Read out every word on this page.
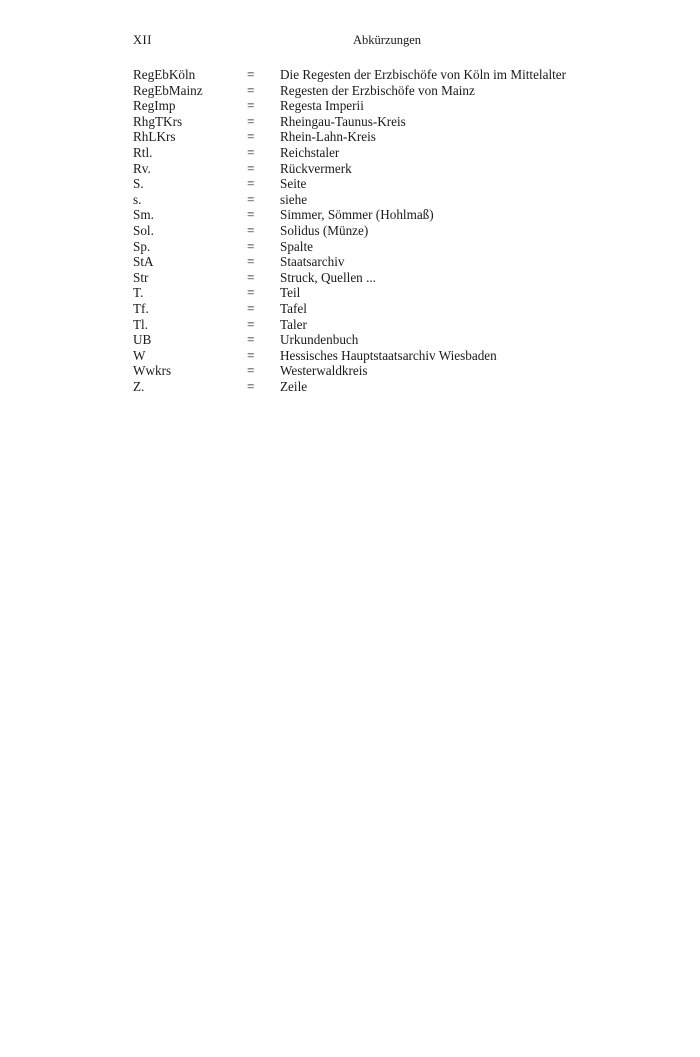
XII	Abkürzungen
RegEbKöln	= Die Regesten der Erzbischöfe von Köln im Mittelalter
RegEbMainz	= Regesten der Erzbischöfe von Mainz
RegImp	= Regesta Imperii
RhgTKrs	= Rheingau-Taunus-Kreis
RhLKrs	= Rhein-Lahn-Kreis
Rtl.	= Reichstaler
Rv.	= Rückvermerk
S.	= Seite
s.	= siehe
Sm.	= Simmer, Sömmer (Hohlmaß)
Sol.	= Solidus (Münze)
Sp.	= Spalte
StA	= Staatsarchiv
Str	= Struck, Quellen ...
T.	= Teil
Tf.	= Tafel
Tl.	= Taler
UB	= Urkundenbuch
W	= Hessisches Hauptstaatsarchiv Wiesbaden
Wwkrs	= Westerwaldkreis
Z.	= Zeile
